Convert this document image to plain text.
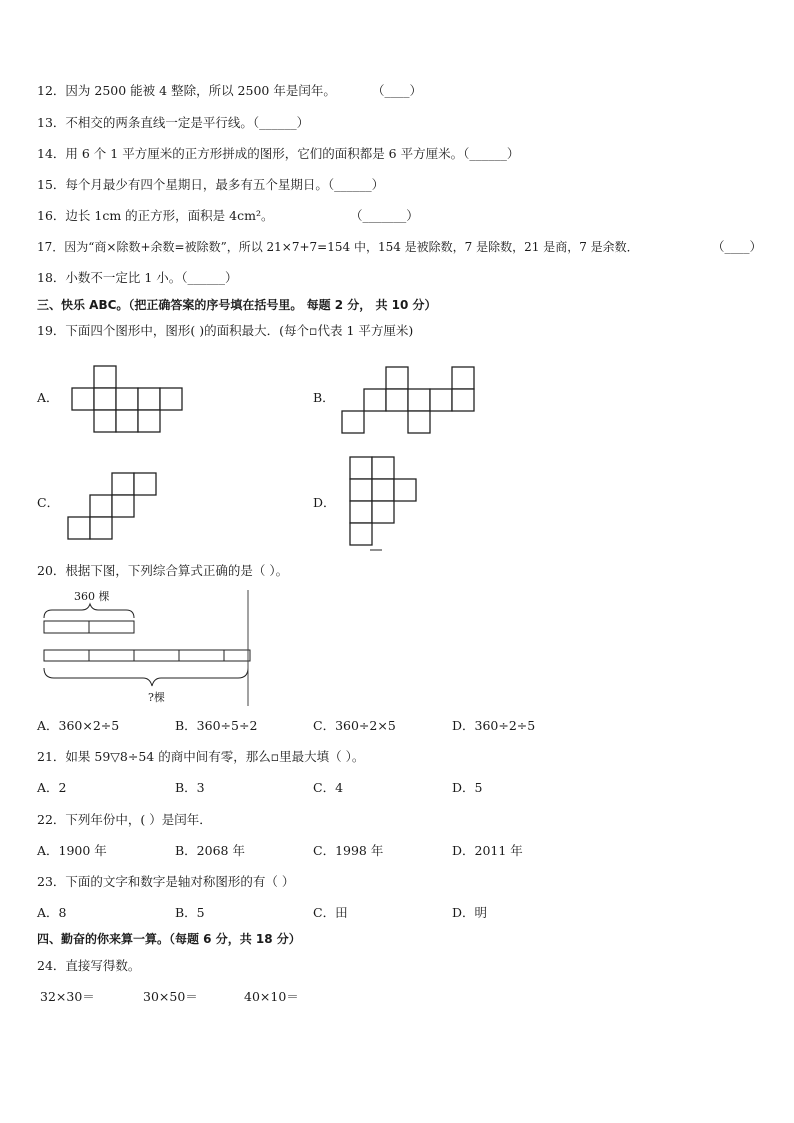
12．因为 2500 能被 4 整除，所以 2500 年是闰年。	（____）
13．不相交的两条直线一定是平行线。（______）
14．用 6 个 1 平方厘米的正方形拼成的图形，它们的面积都是 6 平方厘米。（______）
15．每个月最少有四个星期日，最多有五个星期日。（______）
16．边长 1cm 的正方形，面积是 4cm²。	（_______）
17．因为“商×除数+余数=被除数”，所以 21×7+7=154 中，154 是被除数，7 是除数，21 是商，7 是余数．	（____）
18．小数不一定比 1 小。（______）
三、快乐 ABC。（把正确答案的序号填在括号里。 每题 2 分， 共 10 分）
19．下面四个图形中，图形( )的面积最大．(每个▫代表 1 平方厘米)
A．	B．
C．	D．
20．根据下图，下列综合算式正确的是（ ）。
360 棵
?棵
A．360×2÷5	B．360÷5÷2	C．360÷2×5	D．360÷2÷5
21．如果 59▽8÷54 的商中间有零，那么▫里最大填（ ）。
A．2	B．3	C．4	D．5
22．下列年份中，( ）是闰年．
A．1900 年	B．2068 年	C．1998 年	D．2011 年
23．下面的文字和数字是轴对称图形的有（ ）
A．8	B．5	C．田	D．明
四、勤奋的你来算一算。（每题 6 分，共 18 分）
24．直接写得数。
32×30＝	30×50＝	40×10＝
